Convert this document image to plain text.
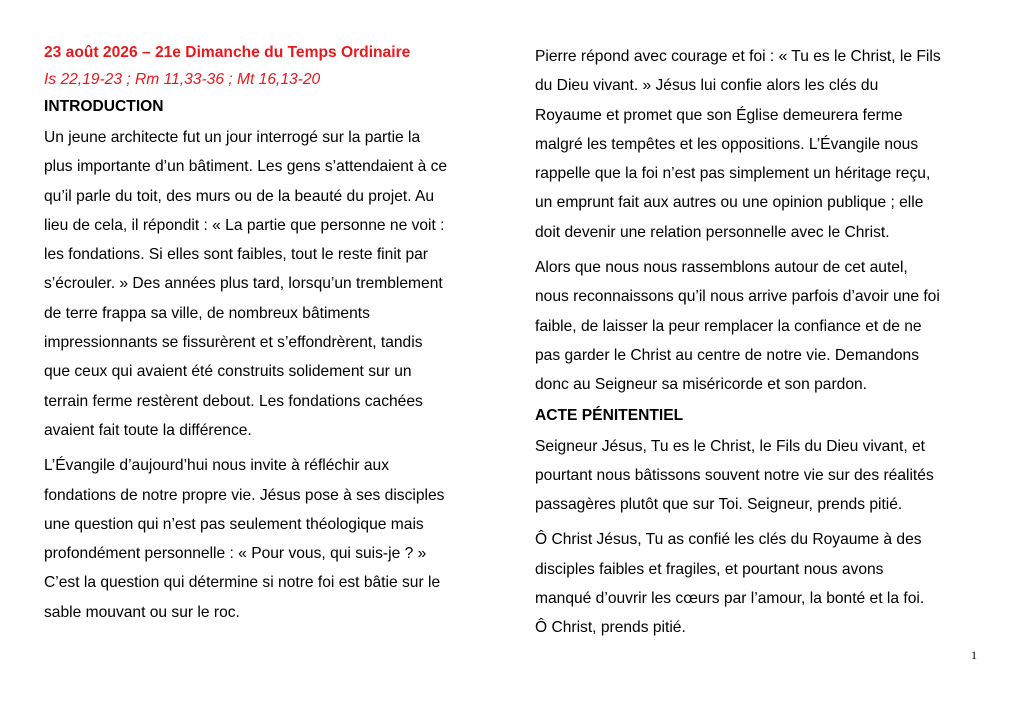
23 août 2026 – 21e Dimanche du Temps Ordinaire
Is 22,19-23 ; Rm 11,33-36 ; Mt 16,13-20
INTRODUCTION

Un jeune architecte fut un jour interrogé sur la partie la
plus importante d’un bâtiment. Les gens s’attendaient à ce
qu’il parle du toit, des murs ou de la beauté du projet. Au
lieu de cela, il répondit : « La partie que personne ne voit :
les fondations. Si elles sont faibles, tout le reste finit par
s’écrouler. » Des années plus tard, lorsqu’un tremblement
de terre frappa sa ville, de nombreux bâtiments
impressionnants se fissurèrent et s’effondrèrent, tandis
que ceux qui avaient été construits solidement sur un
terrain ferme restèrent debout. Les fondations cachées
avaient fait toute la différence.

L’Évangile d’aujourd’hui nous invite à réfléchir aux
fondations de notre propre vie. Jésus pose à ses disciples
une question qui n’est pas seulement théologique mais
profondément personnelle : « Pour vous, qui suis-je ? »
C’est la question qui détermine si notre foi est bâtie sur le
sable mouvant ou sur le roc.

Pierre répond avec courage et foi : « Tu es le Christ, le Fils
du Dieu vivant. » Jésus lui confie alors les clés du
Royaume et promet que son Église demeurera ferme
malgré les tempêtes et les oppositions. L’Évangile nous
rappelle que la foi n’est pas simplement un héritage reçu,
un emprunt fait aux autres ou une opinion publique ; elle
doit devenir une relation personnelle avec le Christ.

Alors que nous nous rassemblons autour de cet autel,
nous reconnaissons qu’il nous arrive parfois d’avoir une foi
faible, de laisser la peur remplacer la confiance et de ne
pas garder le Christ au centre de notre vie. Demandons
donc au Seigneur sa miséricorde et son pardon.

ACTE PÉNITENTIEL

Seigneur Jésus, Tu es le Christ, le Fils du Dieu vivant, et
pourtant nous bâtissons souvent notre vie sur des réalités
passagères plutôt que sur Toi. Seigneur, prends pitié.

Ô Christ Jésus, Tu as confié les clés du Royaume à des
disciples faibles et fragiles, et pourtant nous avons
manqué d’ouvrir les cœurs par l’amour, la bonté et la foi.
Ô Christ, prends pitié.

1
